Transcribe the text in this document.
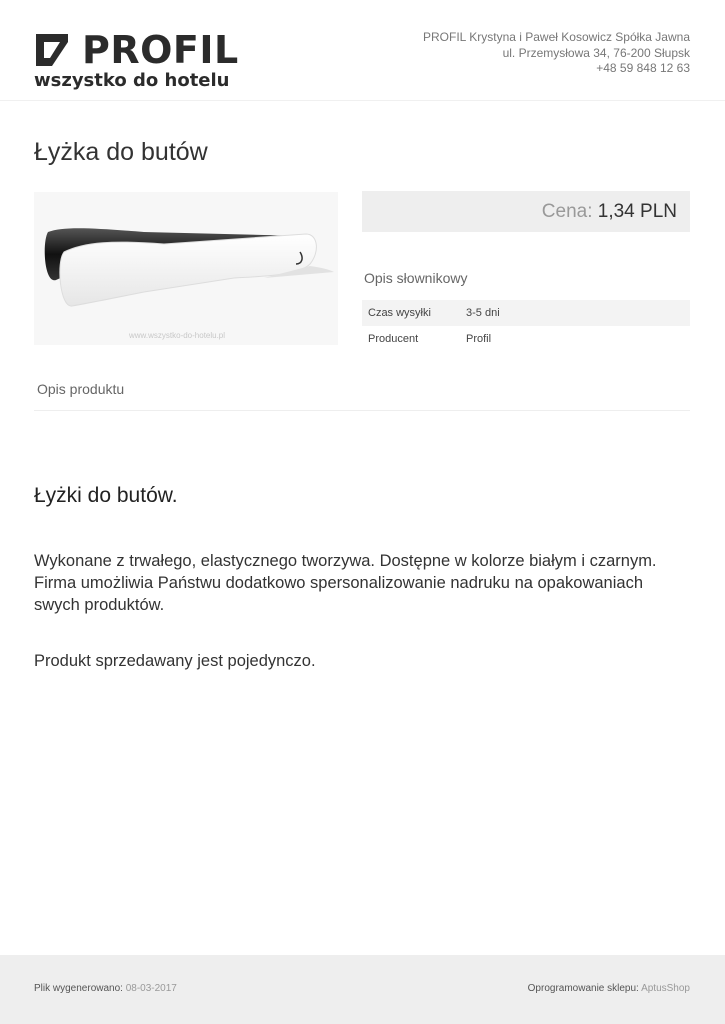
PROFIL
wszystko do hotelu
PROFIL Krystyna i Paweł Kosowicz Spółka Jawna
ul. Przemysłowa 34, 76-200 Słupsk
+48 59 848 12 63
Łyżka do butów
www.wszystko-do-hotelu.pl
Cena: 1,34 PLN
Opis słownikowy
Czas wysyłki	3-5 dni
Producent	Profil
Opis produktu
Łyżki do butów.

Wykonane z trwałego, elastycznego tworzywa. Dostępne w kolorze białym i czarnym. Firma umożliwia Państwu dodatkowo spersonalizowanie nadruku na opakowaniach swych produktów.

Produkt sprzedawany jest pojedynczo.

Plik wygenerowano: 08-03-2017	Oprogramowanie sklepu: AptusShop
